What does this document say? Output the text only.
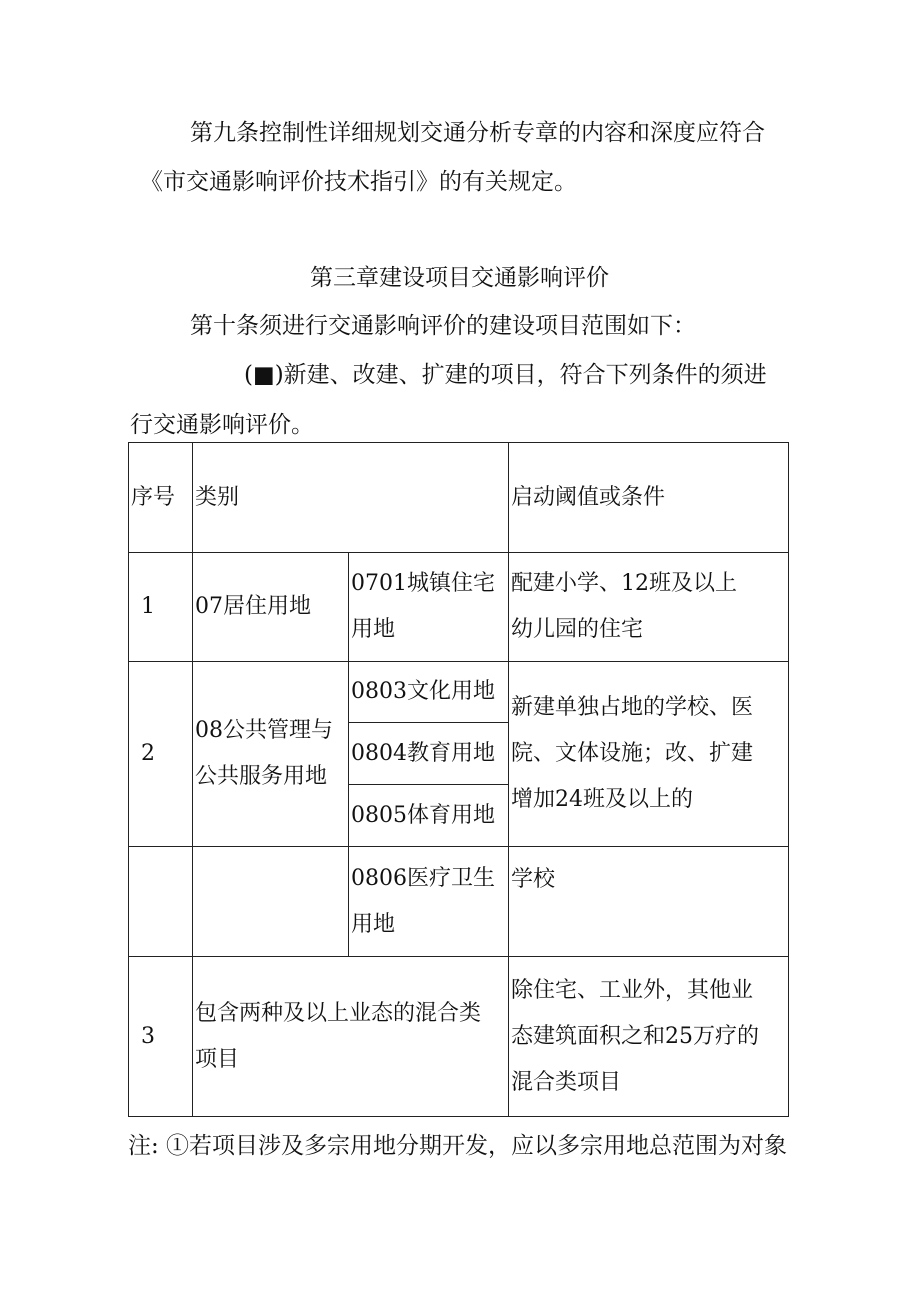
第九条控制性详细规划交通分析专章的内容和深度应符合
《市交通影响评价技术指引》的有关规定。
第三章建设项目交通影响评价
第十条须进行交通影响评价的建设项目范围如下：
(■)新建、改建、扩建的项目，符合下列条件的须进
行交通影响评价。
序号	类别		启动阈值或条件
1	07居住用地	0701城镇住宅
用地	配建小学、12班及以上
幼儿园的住宅

2	08公共管理与
公共服务用地	0803文化用地	新建单独占地的学校、医
院、文体设施；改、扩建
增加24班及以上的

		0804教育用地	
		0805体育用地	

		0806医疗卫生
用地	学校
3	包含两种及以上业态的混合类
项目		除住宅、工业外，其他业
态建筑面积之和25万疗的
混合类项目
注: ①若项目涉及多宗用地分期开发，应以多宗用地总范围为对象
